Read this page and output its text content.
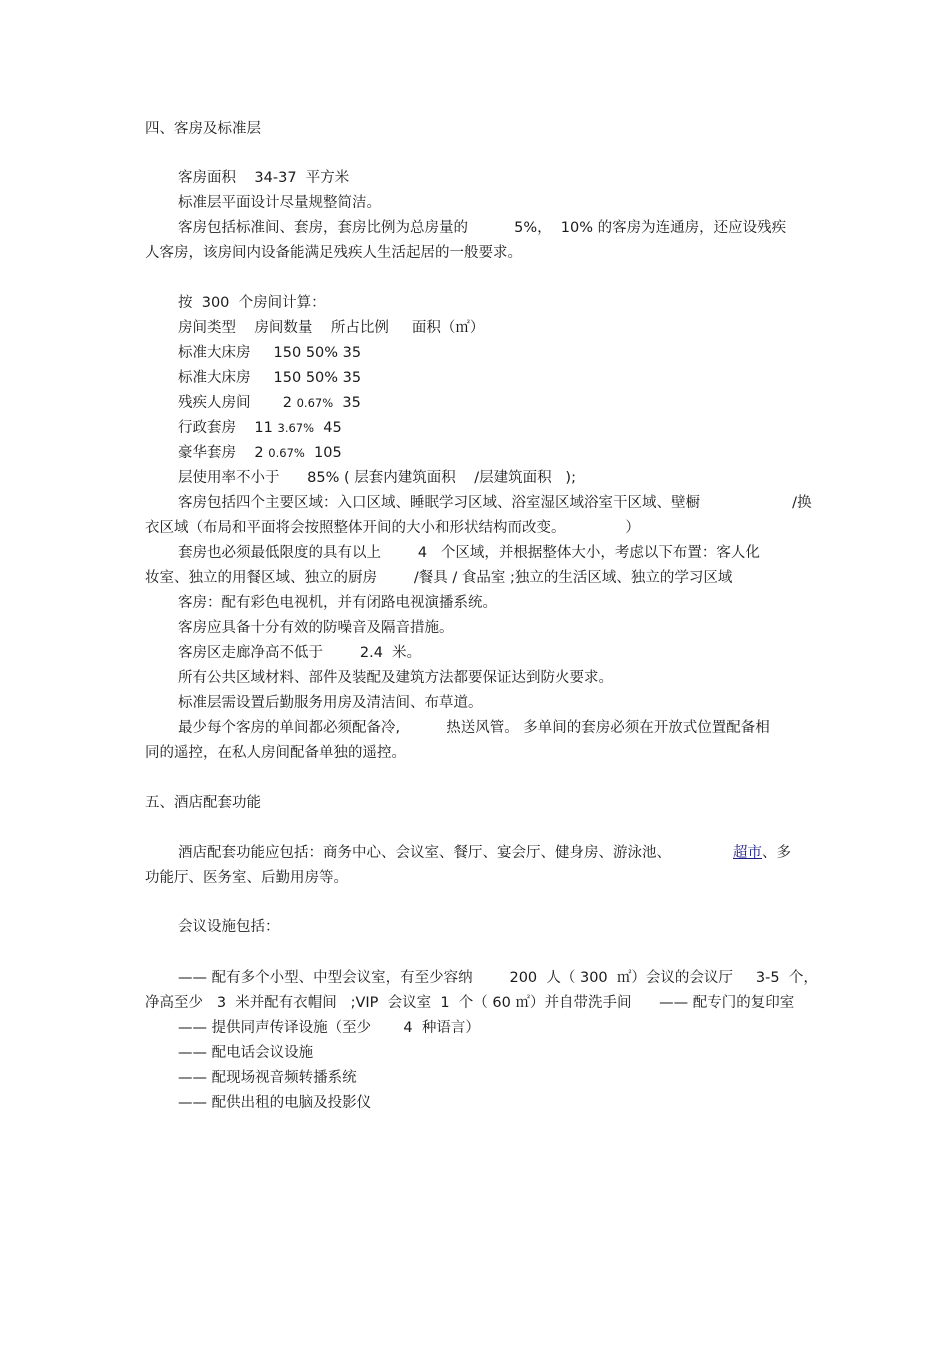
四、客房及标准层
客房面积    34-37  平方米
标准层平面设计尽量规整简洁。
客房包括标准间、套房，套房比例为总房量的          5%，  10% 的客房为连通房，还应设残疾
人客房，该房间内设备能满足残疾人生活起居的一般要求。
按  300  个房间计算：
房间类型    房间数量    所占比例     面积（㎡）
标准大床房     150 50% 35
标准大床房     150 50% 35
残疾人房间       2 0.67%  35
行政套房    11 3.67%  45
豪华套房    2 0.67%  105
层使用率不小于      85% ( 层套内建筑面积    /层建筑面积   );
客房包括四个主要区域：入口区域、睡眠学习区域、浴室湿区域浴室干区域、壁橱                    /换
衣区域（布局和平面将会按照整体开间的大小和形状结构而改变。             ）
套房也必须最低限度的具有以上        4   个区域，并根据整体大小，考虑以下布置：客人化
妆室、独立的用餐区域、独立的厨房        /餐具 / 食品室 ;独立的生活区域、独立的学习区域
客房：配有彩色电视机，并有闭路电视演播系统。
客房应具备十分有效的防噪音及隔音措施。
客房区走廊净高不低于        2.4  米。
所有公共区域材料、部件及装配及建筑方法都要保证达到防火要求。
标准层需设置后勤服务用房及清洁间、布草道。
最少每个客房的单间都必须配备冷,          热送风管。 多单间的套房必须在开放式位置配备相
同的遥控，在私人房间配备单独的遥控。
五、酒店配套功能
酒店配套功能应包括：商务中心、会议室、餐厅、宴会厅、健身房、游泳池、	超市、多
功能厅、医务室、后勤用房等。
会议设施包括：
—— 配有多个小型、中型会议室，有至少容纳        200  人（ 300  ㎡）会议的会议厅     3-5  个，
净高至少   3  米并配有衣帽间   ;VIP  会议室  1  个（ 60 ㎡）并自带洗手间      —— 配专门的复印室
—— 提供同声传译设施（至少       4  种语言）
—— 配电话会议设施
—— 配现场视音频转播系统
—— 配供出租的电脑及投影仪
